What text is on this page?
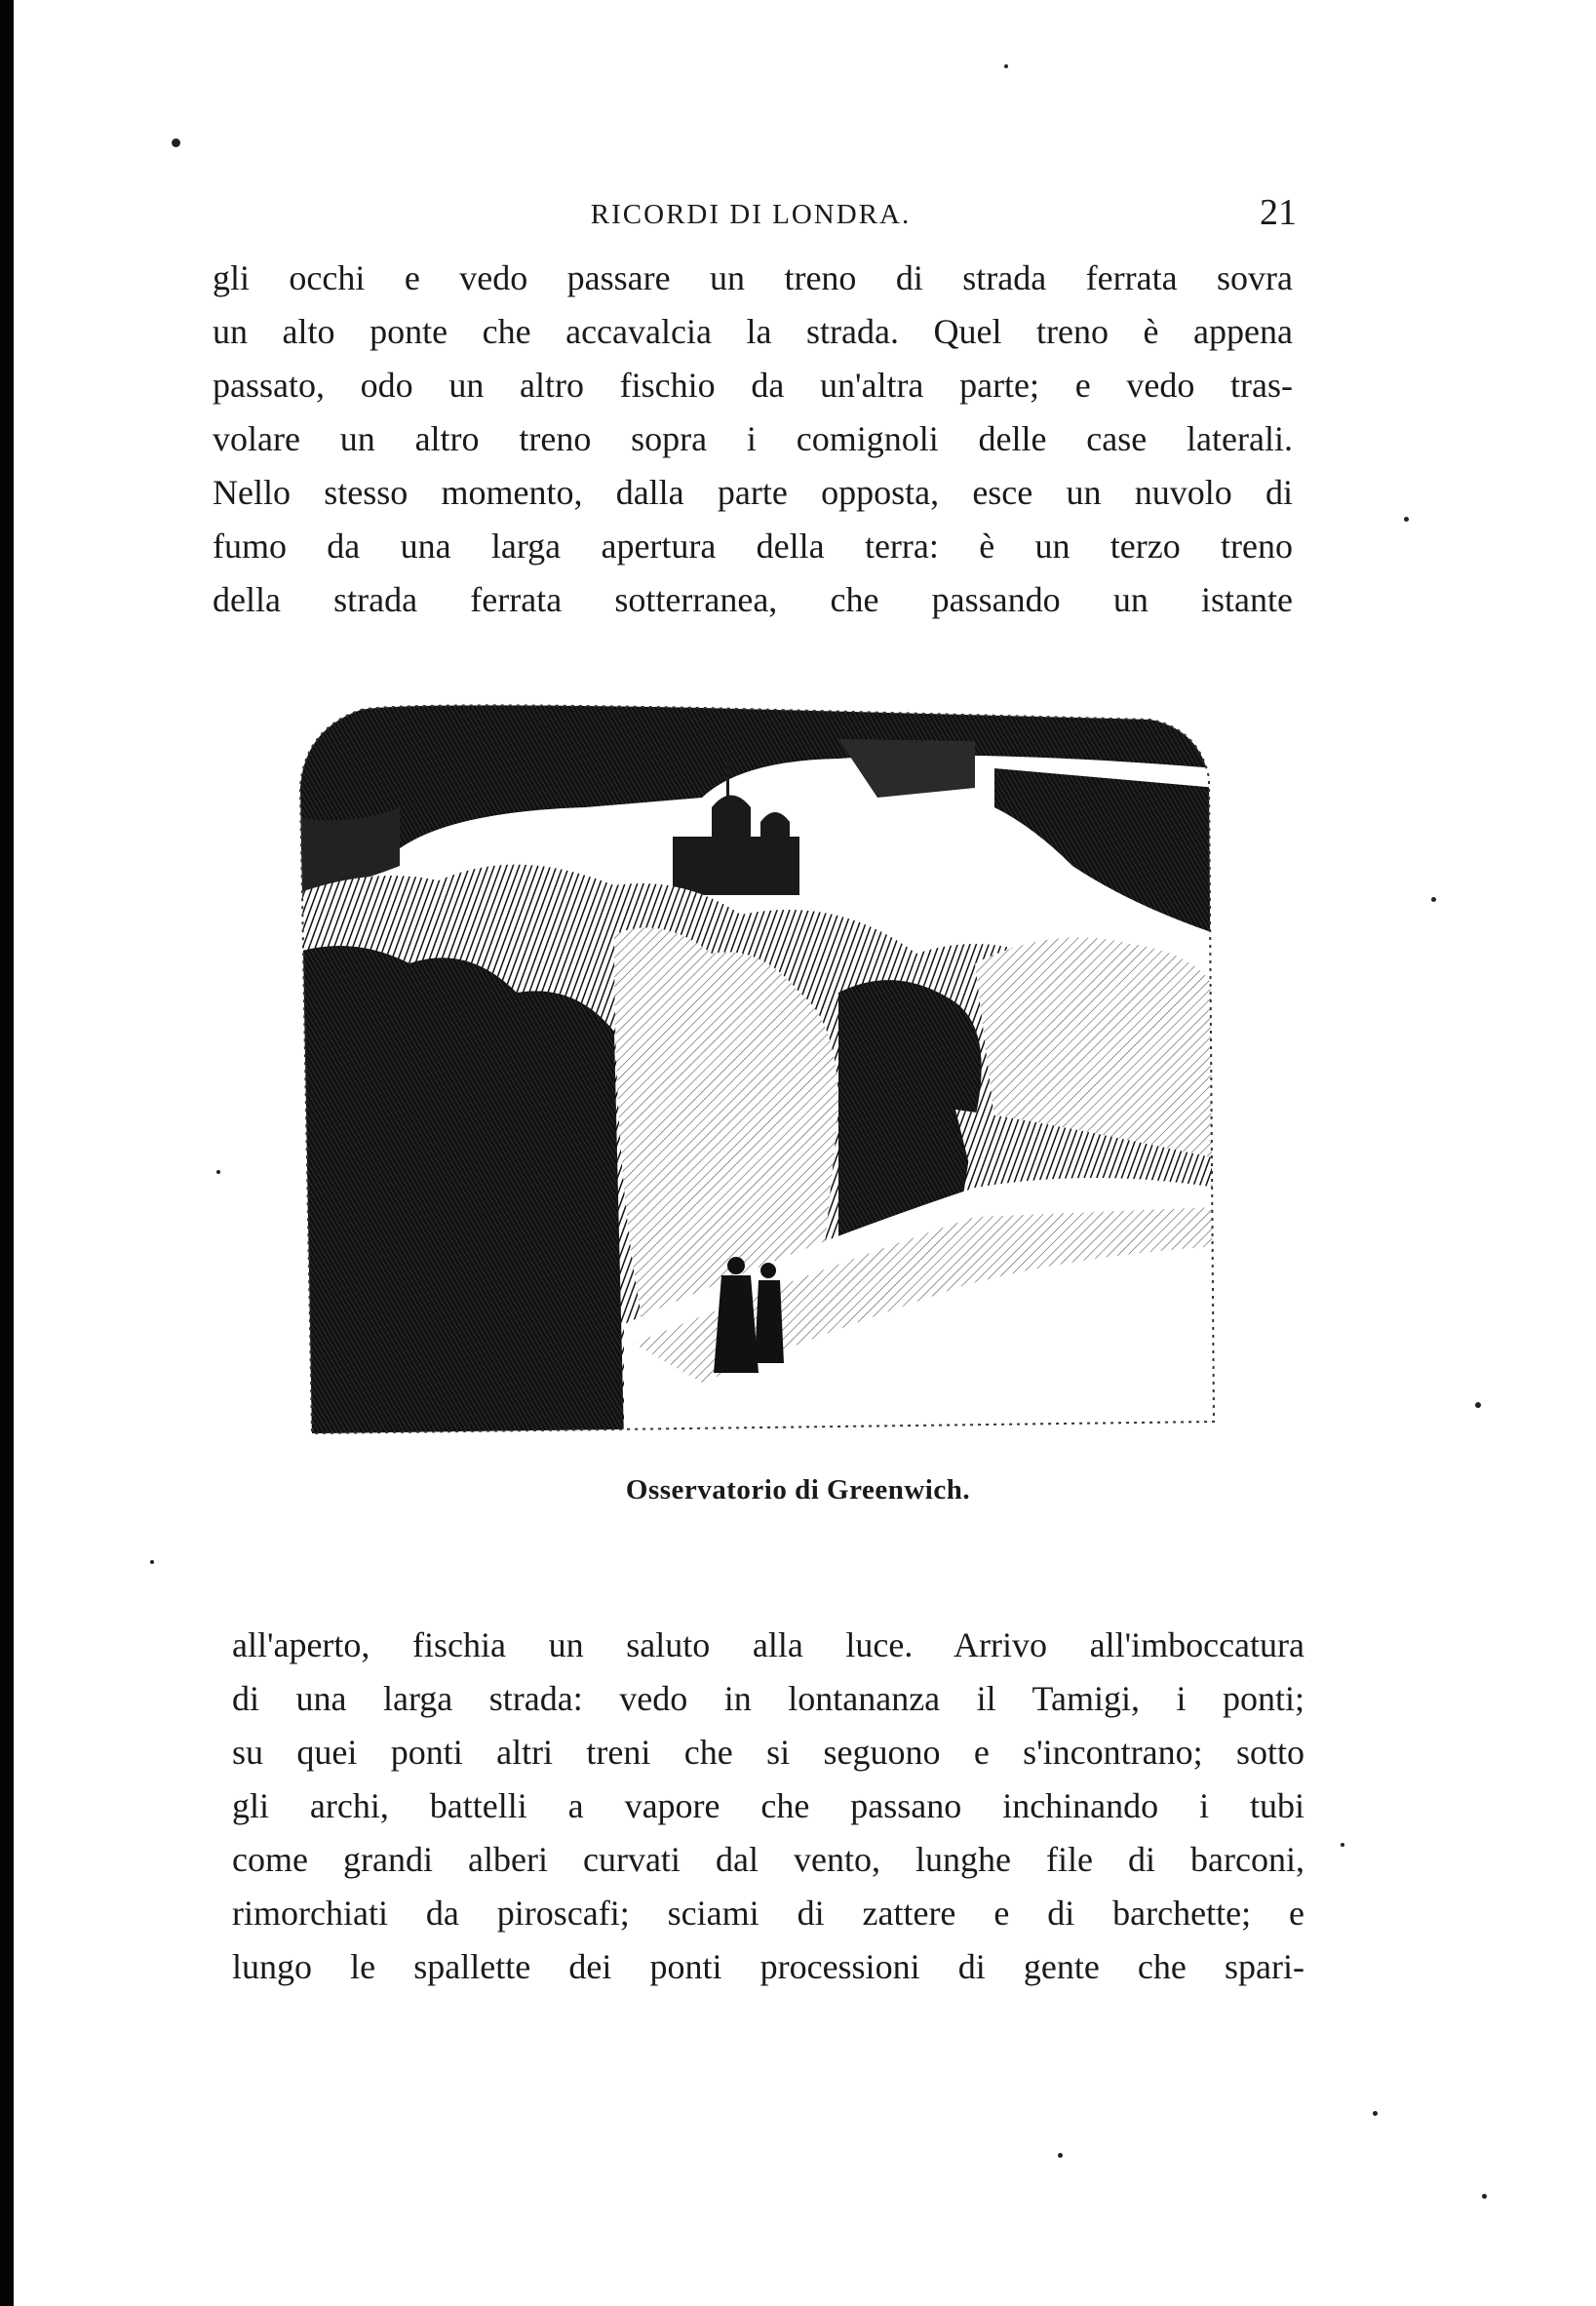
RICORDI DI LONDRA.	21
gli occhi e vedo passare un treno di strada ferrata sovra
un alto ponte che accavalcia la strada. Quel treno è appena
passato, odo un altro fischio da un'altra parte; e vedo tras-
volare un altro treno sopra i comignoli delle case laterali.
Nello stesso momento, dalla parte opposta, esce un nuvolo di
fumo da una larga apertura della terra: è un terzo treno
della strada ferrata sotterranea, che passando un istante
Osservatorio di Greenwich.
all'aperto, fischia un saluto alla luce. Arrivo all'imboccatura
di una larga strada: vedo in lontananza il Tamigi, i ponti;
su quei ponti altri treni che si seguono e s'incontrano; sotto
gli archi, battelli a vapore che passano inchinando i tubi
come grandi alberi curvati dal vento, lunghe file di barconi,
rimorchiati da piroscafi; sciami di zattere e di barchette; e
lungo le spallette dei ponti processioni di gente che spari-
